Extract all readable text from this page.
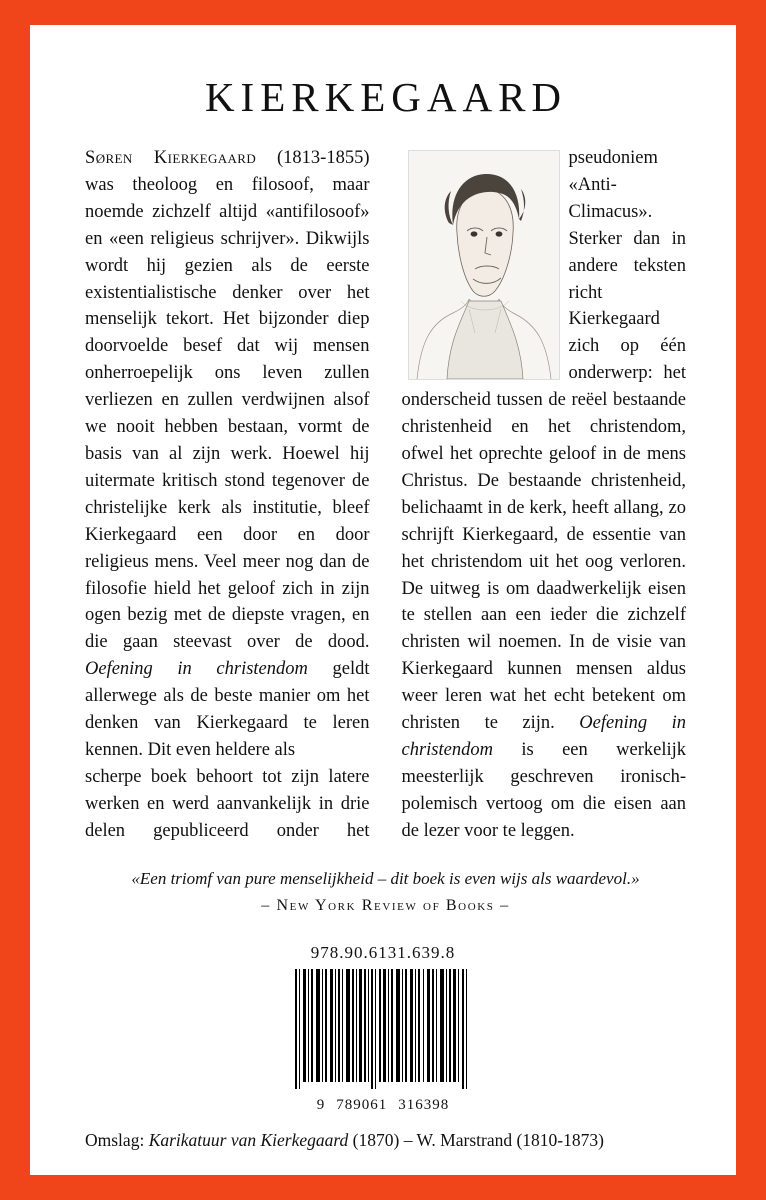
KIERKEGAARD

Søren Kierkegaard (1813-1855) was theoloog en filosoof, maar noemde zichzelf altijd «antifilosoof» en «een religieus schrijver». Dikwijls wordt hij gezien als de eerste existentialistische denker over het menselijk tekort. Het bijzonder diep doorvoelde besef dat wij mensen onherroepelijk ons leven zullen verliezen en zullen verdwijnen alsof we nooit hebben bestaan, vormt de basis van al zijn werk. Hoewel hij uitermate kritisch stond tegenover de christelijke kerk als institutie, bleef Kierkegaard een door en door religieus mens. Veel meer nog dan de filosofie hield het geloof zich in zijn ogen bezig met de diepste vragen, en die gaan steevast over de dood. Oefening in christendom geldt allerwege als de beste manier om het denken van Kierkegaard te leren kennen. Dit even heldere als

scherpe boek behoort tot zijn latere werken en werd aanvankelijk in drie delen gepubliceerd onder het pseudoniem «Anti-Climacus». Sterker dan in andere teksten richt Kierkegaard zich op één onderwerp: het onderscheid tussen de reëel bestaande christenheid en het christendom, ofwel het oprechte geloof in de mens Christus. De bestaande christenheid, belichaamt in de kerk, heeft allang, zo schrijft Kierkegaard, de essentie van het christendom uit het oog verloren. De uitweg is om daadwerkelijk eisen te stellen aan een ieder die zichzelf christen wil noemen. In de visie van Kierkegaard kunnen mensen aldus weer leren wat het echt betekent om christen te zijn. Oefening in christendom is een werkelijk meesterlijk geschreven ironisch-polemisch vertoog om die eisen aan de lezer voor te leggen.

«Een triomf van pure menselijkheid – dit boek is even wijs als waardevol.»
– New York Review of Books –
978.90.6131.639.8
9 789061 316398
Omslag: Karikatuur van Kierkegaard (1870) – W. Marstrand (1810-1873)
